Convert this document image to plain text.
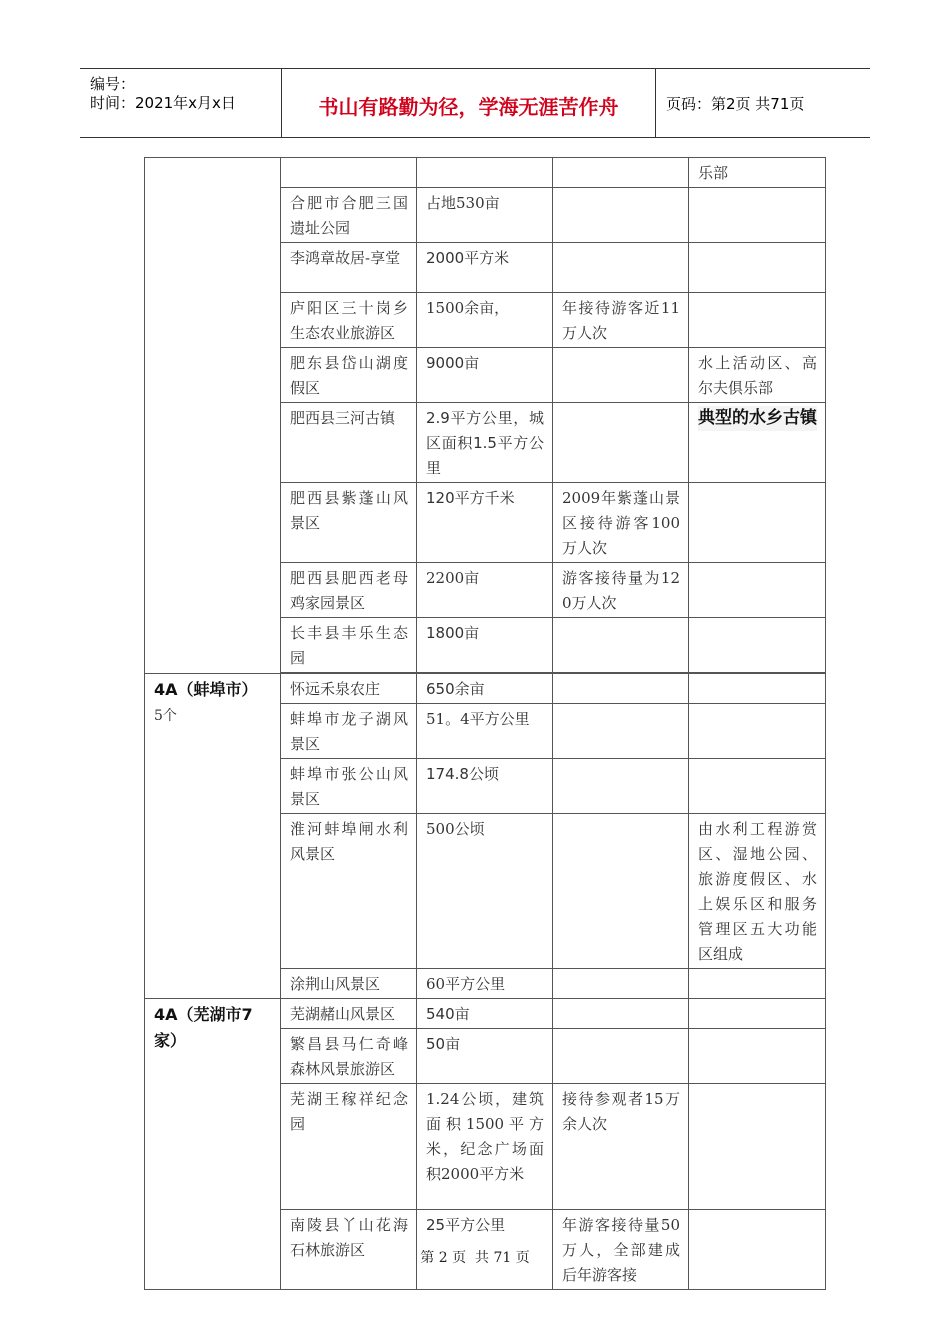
编号：
时间：2021年x月x日	书山有路勤为径，学海无涯苦作舟	页码：第2页 共71页
				乐部
	合肥市合肥三国遗址公园	占地530亩		
	李鸿章故居-享堂	2000平方米		
	庐阳区三十岗乡生态农业旅游区	1500余亩，	年接待游客近11万人次	
	肥东县岱山湖度假区	9000亩		水上活动区、高尔夫俱乐部
	肥西县三河古镇	2.9平方公里，城区面积1.5平方公里		典型的水乡古镇
	肥西县紫蓬山风景区	120平方千米	2009年紫蓬山景区接待游客100万人次	
	肥西县肥西老母鸡家园景区	2200亩	游客接待量为120万人次	
	长丰县丰乐生态园	1800亩		

4A（蚌埠市）
5个	怀远禾泉农庄	650余亩		
	蚌埠市龙子湖风景区	51。4平方公里		
	蚌埠市张公山风景区	174.8公顷		
	淮河蚌埠闸水利风景区	500公顷		由水利工程游赏区、湿地公园、旅游度假区、水上娱乐区和服务管理区五大功能区组成
	涂荆山风景区	60平方公里		
4A（芜湖市7家）	芜湖赭山风景区	540亩		
	繁昌县马仁奇峰森林风景旅游区	50亩		
	芜湖王稼祥纪念园	1.24公顷，建筑面积1500平方米，纪念广场面积2000平方米	接待参观者15万余人次	
	南陵县丫山花海石林旅游区	25平方公里	年游客接待量50万人，全部建成后年游客接	
第 2 页  共 71 页
